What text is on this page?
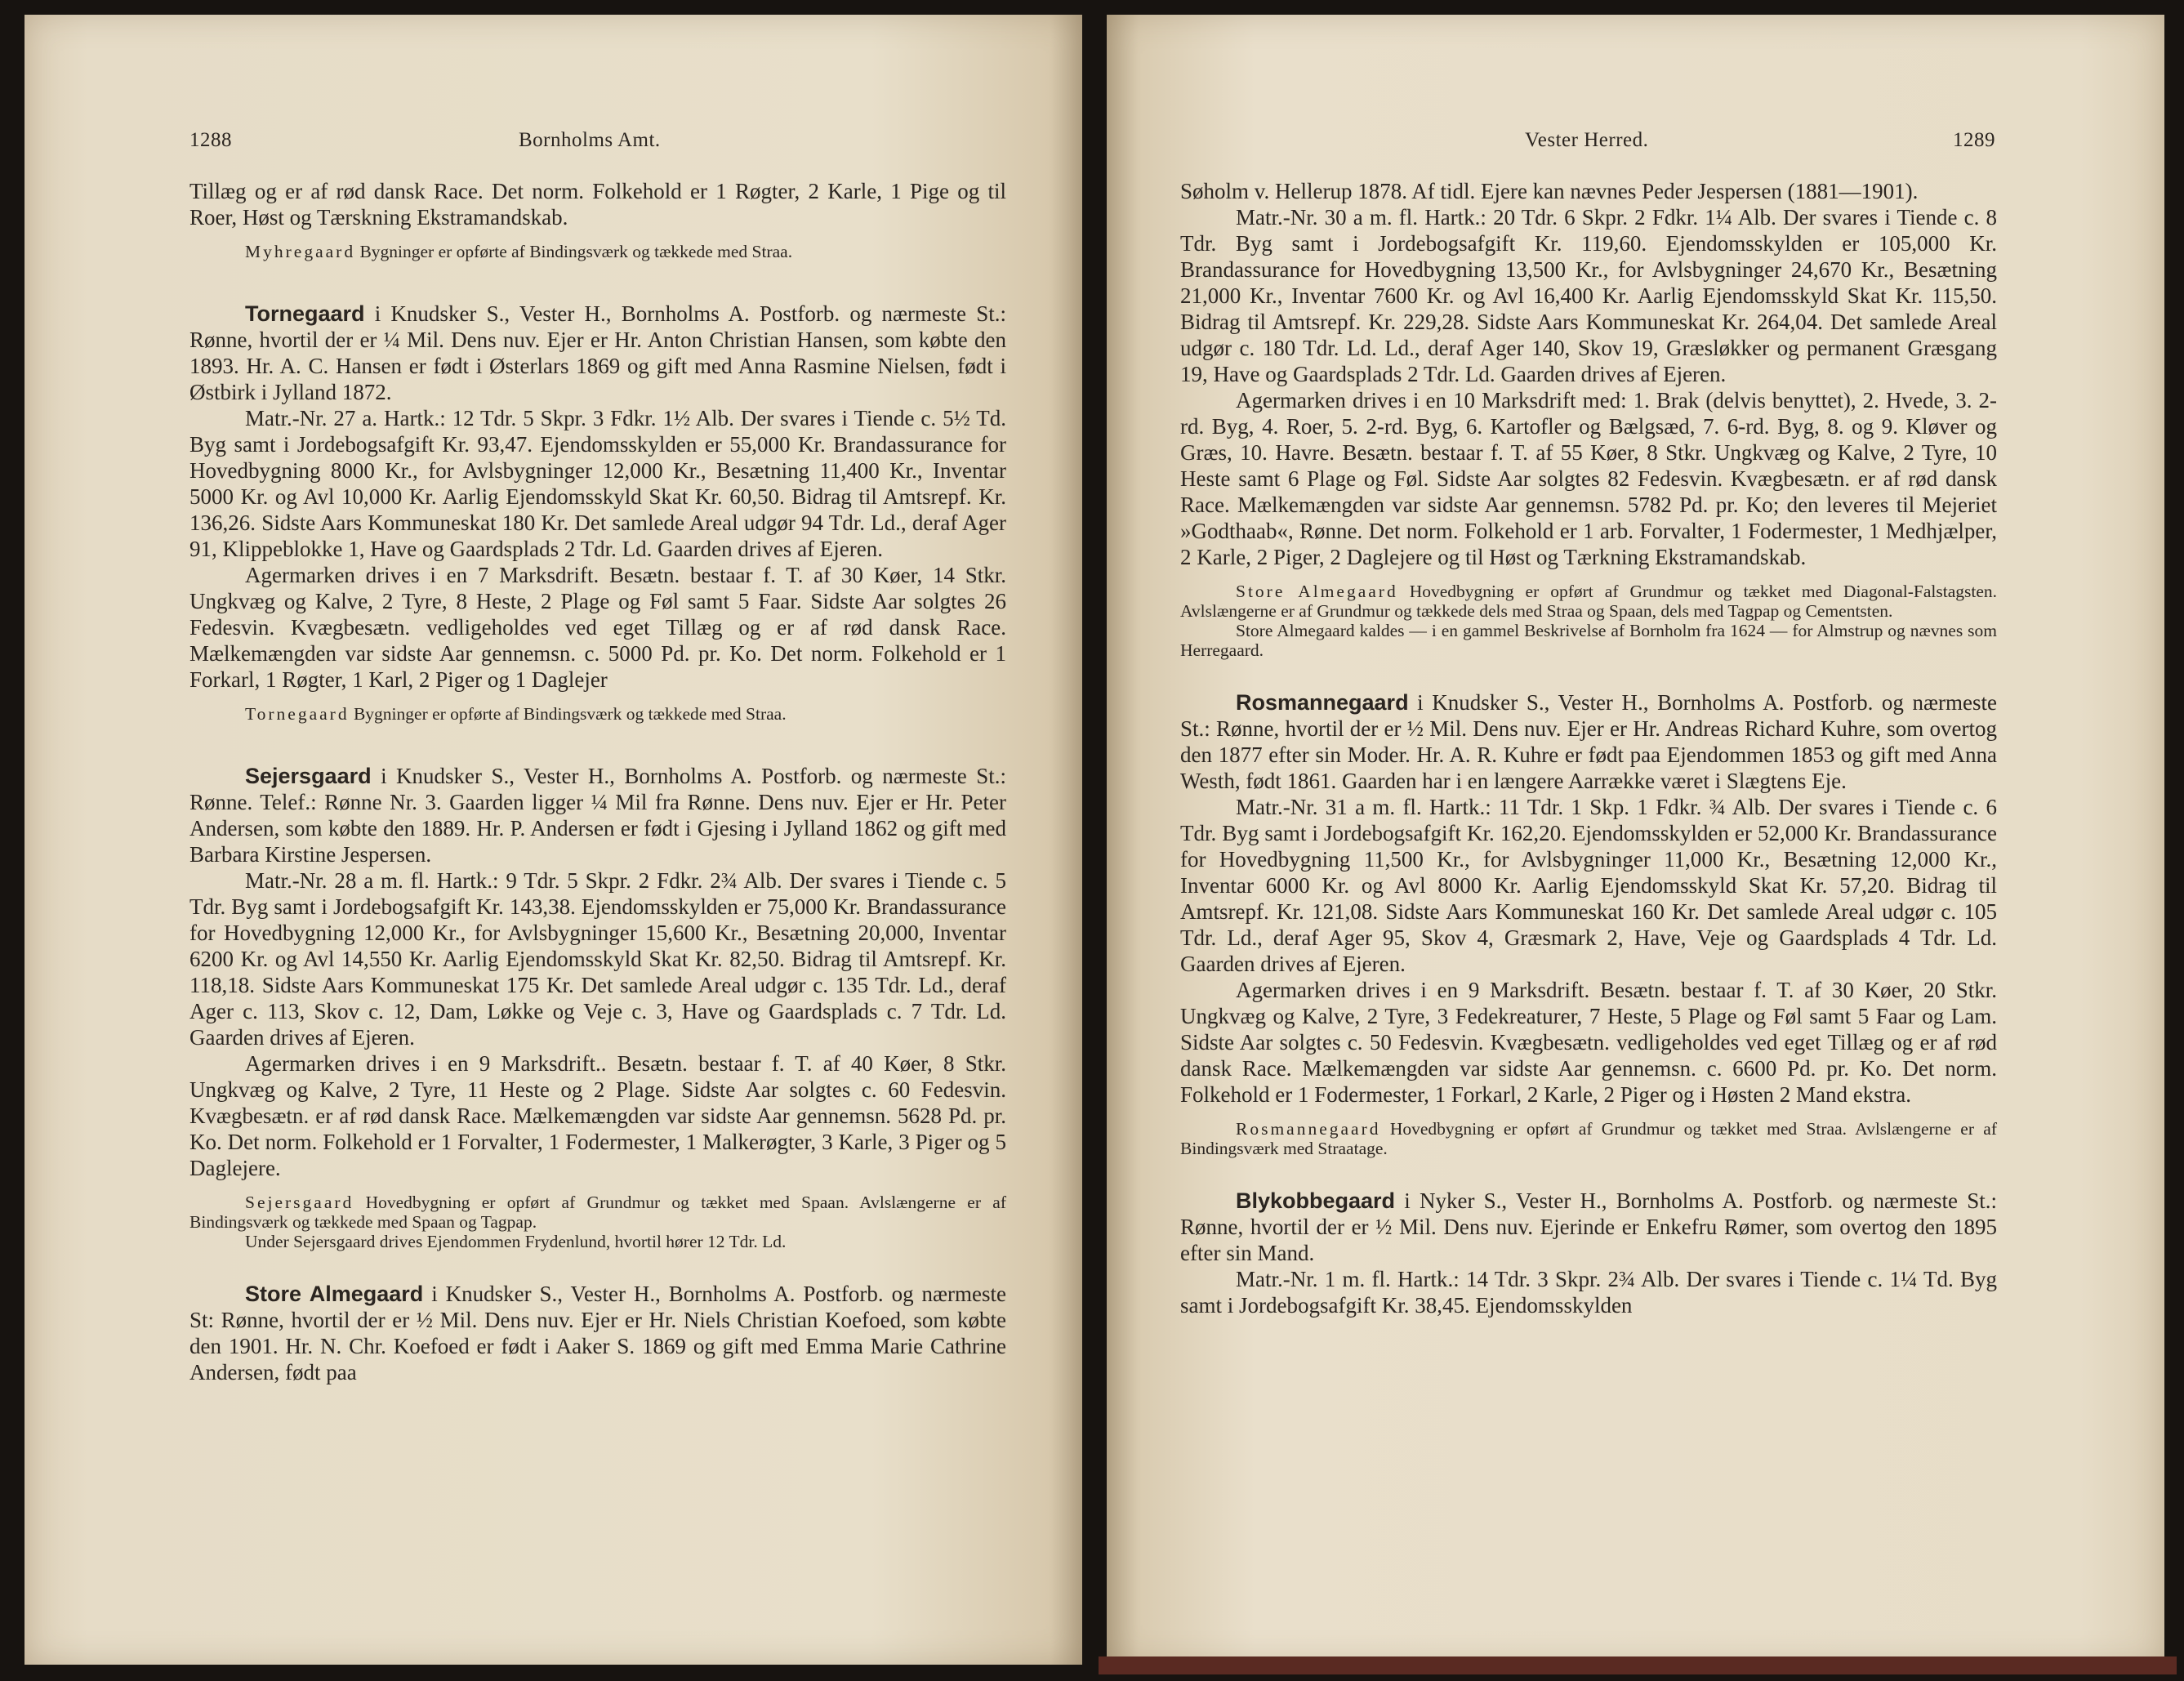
1288	Bornholms Amt.

Tillæg og er af rød dansk Race. Det norm. Folkehold er 1 Røgter, 2 Karle, 1 Pige og til Roer, Høst og Tærskning Ekstramandskab.

Myhregaard Bygninger er opførte af Bindingsværk og tækkede med Straa.

Tornegaard i Knudsker S., Vester H., Bornholms A. Postforb. og nærmeste St.: Rønne, hvortil der er ¼ Mil. Dens nuv. Ejer er Hr. Anton Christian Hansen, som købte den 1893. Hr. A. C. Hansen er født i Østerlars 1869 og gift med Anna Rasmine Nielsen, født i Østbirk i Jylland 1872.

Matr.-Nr. 27 a. Hartk.: 12 Tdr. 5 Skpr. 3 Fdkr. 1½ Alb. Der svares i Tiende c. 5½ Td. Byg samt i Jordebogsafgift Kr. 93,47. Ejendomsskylden er 55,000 Kr. Brandassurance for Hovedbygning 8000 Kr., for Avlsbygninger 12,000 Kr., Besætning 11,400 Kr., Inventar 5000 Kr. og Avl 10,000 Kr. Aarlig Ejendomsskyld Skat Kr. 60,50. Bidrag til Amtsrepf. Kr. 136,26. Sidste Aars Kommuneskat 180 Kr. Det samlede Areal udgør 94 Tdr. Ld., deraf Ager 91, Klippeblokke 1, Have og Gaardsplads 2 Tdr. Ld. Gaarden drives af Ejeren.

Agermarken drives i en 7 Marksdrift. Besætn. bestaar f. T. af 30 Køer, 14 Stkr. Ungkvæg og Kalve, 2 Tyre, 8 Heste, 2 Plage og Føl samt 5 Faar. Sidste Aar solgtes 26 Fedesvin. Kvægbesætn. vedligeholdes ved eget Tillæg og er af rød dansk Race. Mælkemængden var sidste Aar gennemsn. c. 5000 Pd. pr. Ko. Det norm. Folkehold er 1 Forkarl, 1 Røgter, 1 Karl, 2 Piger og 1 Daglejer

Tornegaard Bygninger er opførte af Bindingsværk og tækkede med Straa.

Sejersgaard i Knudsker S., Vester H., Bornholms A. Postforb. og nærmeste St.: Rønne. Telef.: Rønne Nr. 3. Gaarden ligger ¼ Mil fra Rønne. Dens nuv. Ejer er Hr. Peter Andersen, som købte den 1889. Hr. P. Andersen er født i Gjesing i Jylland 1862 og gift med Barbara Kirstine Jespersen.

Matr.-Nr. 28 a m. fl. Hartk.: 9 Tdr. 5 Skpr. 2 Fdkr. 2¾ Alb. Der svares i Tiende c. 5 Tdr. Byg samt i Jordebogsafgift Kr. 143,38. Ejendomsskylden er 75,000 Kr. Brandassurance for Hovedbygning 12,000 Kr., for Avlsbygninger 15,600 Kr., Besætning 20,000, Inventar 6200 Kr. og Avl 14,550 Kr. Aarlig Ejendomsskyld Skat Kr. 82,50. Bidrag til Amtsrepf. Kr. 118,18. Sidste Aars Kommuneskat 175 Kr. Det samlede Areal udgør c. 135 Tdr. Ld., deraf Ager c. 113, Skov c. 12, Dam, Løkke og Veje c. 3, Have og Gaardsplads c. 7 Tdr. Ld. Gaarden drives af Ejeren.

Agermarken drives i en 9 Marksdrift.. Besætn. bestaar f. T. af 40 Køer, 8 Stkr. Ungkvæg og Kalve, 2 Tyre, 11 Heste og 2 Plage. Sidste Aar solgtes c. 60 Fedesvin. Kvægbesætn. er af rød dansk Race. Mælkemængden var sidste Aar gennemsn. 5628 Pd. pr. Ko. Det norm. Folkehold er 1 Forvalter, 1 Fodermester, 1 Malkerøgter, 3 Karle, 3 Piger og 5 Daglejere.

Sejersgaard Hovedbygning er opført af Grundmur og tækket med Spaan. Avlslængerne er af Bindingsværk og tækkede med Spaan og Tagpap.

Under Sejersgaard drives Ejendommen Frydenlund, hvortil hører 12 Tdr. Ld.

Store Almegaard i Knudsker S., Vester H., Bornholms A. Postforb. og nærmeste St: Rønne, hvortil der er ½ Mil. Dens nuv. Ejer er Hr. Niels Christian Koefoed, som købte den 1901. Hr. N. Chr. Koefoed er født i Aaker S. 1869 og gift med Emma Marie Cathrine Andersen, født paa

Vester Herred.	1289

Søholm v. Hellerup 1878. Af tidl. Ejere kan nævnes Peder Jespersen (1881—1901).

Matr.-Nr. 30 a m. fl. Hartk.: 20 Tdr. 6 Skpr. 2 Fdkr. 1¼ Alb. Der svares i Tiende c. 8 Tdr. Byg samt i Jordebogsafgift Kr. 119,60. Ejendomsskylden er 105,000 Kr. Brandassurance for Hovedbygning 13,500 Kr., for Avlsbygninger 24,670 Kr., Besætning 21,000 Kr., Inventar 7600 Kr. og Avl 16,400 Kr. Aarlig Ejendomsskyld Skat Kr. 115,50. Bidrag til Amtsrepf. Kr. 229,28. Sidste Aars Kommuneskat Kr. 264,04. Det samlede Areal udgør c. 180 Tdr. Ld. Ld., deraf Ager 140, Skov 19, Græsløkker og permanent Græsgang 19, Have og Gaardsplads 2 Tdr. Ld. Gaarden drives af Ejeren.

Agermarken drives i en 10 Marksdrift med: 1. Brak (delvis benyttet), 2. Hvede, 3. 2-rd. Byg, 4. Roer, 5. 2-rd. Byg, 6. Kartofler og Bælgsæd, 7. 6-rd. Byg, 8. og 9. Kløver og Græs, 10. Havre. Besætn. bestaar f. T. af 55 Køer, 8 Stkr. Ungkvæg og Kalve, 2 Tyre, 10 Heste samt 6 Plage og Føl. Sidste Aar solgtes 82 Fedesvin. Kvægbesætn. er af rød dansk Race. Mælkemængden var sidste Aar gennemsn. 5782 Pd. pr. Ko; den leveres til Mejeriet »Godthaab«, Rønne. Det norm. Folkehold er 1 arb. Forvalter, 1 Fodermester, 1 Medhjælper, 2 Karle, 2 Piger, 2 Daglejere og til Høst og Tærkning Ekstramandskab.

Store Almegaard Hovedbygning er opført af Grundmur og tækket med Diagonal-Falstagsten. Avlslængerne er af Grundmur og tækkede dels med Straa og Spaan, dels med Tagpap og Cementsten.

Store Almegaard kaldes — i en gammel Beskrivelse af Bornholm fra 1624 — for Almstrup og nævnes som Herregaard.

Rosmannegaard i Knudsker S., Vester H., Bornholms A. Postforb. og nærmeste St.: Rønne, hvortil der er ½ Mil. Dens nuv. Ejer er Hr. Andreas Richard Kuhre, som overtog den 1877 efter sin Moder. Hr. A. R. Kuhre er født paa Ejendommen 1853 og gift med Anna Westh, født 1861. Gaarden har i en længere Aarrække været i Slægtens Eje.

Matr.-Nr. 31 a m. fl. Hartk.: 11 Tdr. 1 Skp. 1 Fdkr. ¾ Alb. Der svares i Tiende c. 6 Tdr. Byg samt i Jordebogsafgift Kr. 162,20. Ejendomsskylden er 52,000 Kr. Brandassurance for Hovedbygning 11,500 Kr., for Avlsbygninger 11,000 Kr., Besætning 12,000 Kr., Inventar 6000 Kr. og Avl 8000 Kr. Aarlig Ejendomsskyld Skat Kr. 57,20. Bidrag til Amtsrepf. Kr. 121,08. Sidste Aars Kommuneskat 160 Kr. Det samlede Areal udgør c. 105 Tdr. Ld., deraf Ager 95, Skov 4, Græsmark 2, Have, Veje og Gaardsplads 4 Tdr. Ld. Gaarden drives af Ejeren.

Agermarken drives i en 9 Marksdrift. Besætn. bestaar f. T. af 30 Køer, 20 Stkr. Ungkvæg og Kalve, 2 Tyre, 3 Fedekreaturer, 7 Heste, 5 Plage og Føl samt 5 Faar og Lam. Sidste Aar solgtes c. 50 Fedesvin. Kvægbesætn. vedligeholdes ved eget Tillæg og er af rød dansk Race. Mælkemængden var sidste Aar gennemsn. c. 6600 Pd. pr. Ko. Det norm. Folkehold er 1 Fodermester, 1 Forkarl, 2 Karle, 2 Piger og i Høsten 2 Mand ekstra.

Rosmannegaard Hovedbygning er opført af Grundmur og tækket med Straa. Avlslængerne er af Bindingsværk med Straatage.

Blykobbegaard i Nyker S., Vester H., Bornholms A. Postforb. og nærmeste St.: Rønne, hvortil der er ½ Mil. Dens nuv. Ejerinde er Enkefru Rømer, som overtog den 1895 efter sin Mand.

Matr.-Nr. 1 m. fl. Hartk.: 14 Tdr. 3 Skpr. 2¾ Alb. Der svares i Tiende c. 1¼ Td. Byg samt i Jordebogsafgift Kr. 38,45. Ejendomsskylden
